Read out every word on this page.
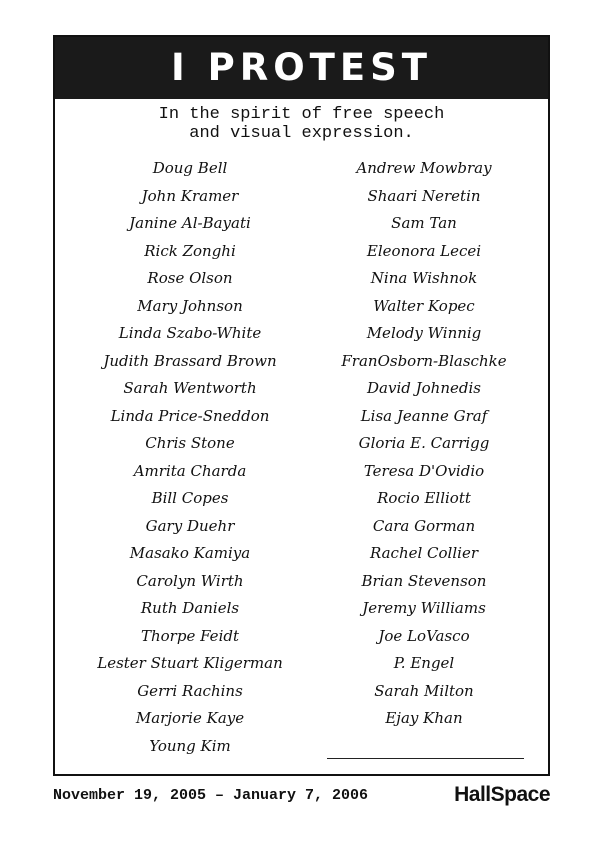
I PROTEST
In the spirit of free speech
and visual expression.
Doug Bell
John Kramer
Janine Al-Bayati
Rick Zonghi
Rose Olson
Mary Johnson
Linda Szabo-White
Judith Brassard Brown
Sarah Wentworth
Linda Price-Sneddon
Chris Stone
Amrita Charda
Bill Copes
Gary Duehr
Masako Kamiya
Carolyn Wirth
Ruth Daniels
Thorpe Feidt
Lester Stuart Kligerman
Gerri Rachins
Marjorie Kaye
Young Kim
Andrew Mowbray
Shaari Neretin
Sam Tan
Eleonora Lecei
Nina Wishnok
Walter Kopec
Melody Winnig
FranOsborn-Blaschke
David Johnedis
Lisa Jeanne Graf
Gloria E. Carrigg
Teresa D'Ovidio
Rocio Elliott
Cara Gorman
Rachel Collier
Brian Stevenson
Jeremy Williams
Joe LoVasco
P. Engel
Sarah Milton
Ejay Khan
November 19, 2005 – January 7, 2006	HallSpace
